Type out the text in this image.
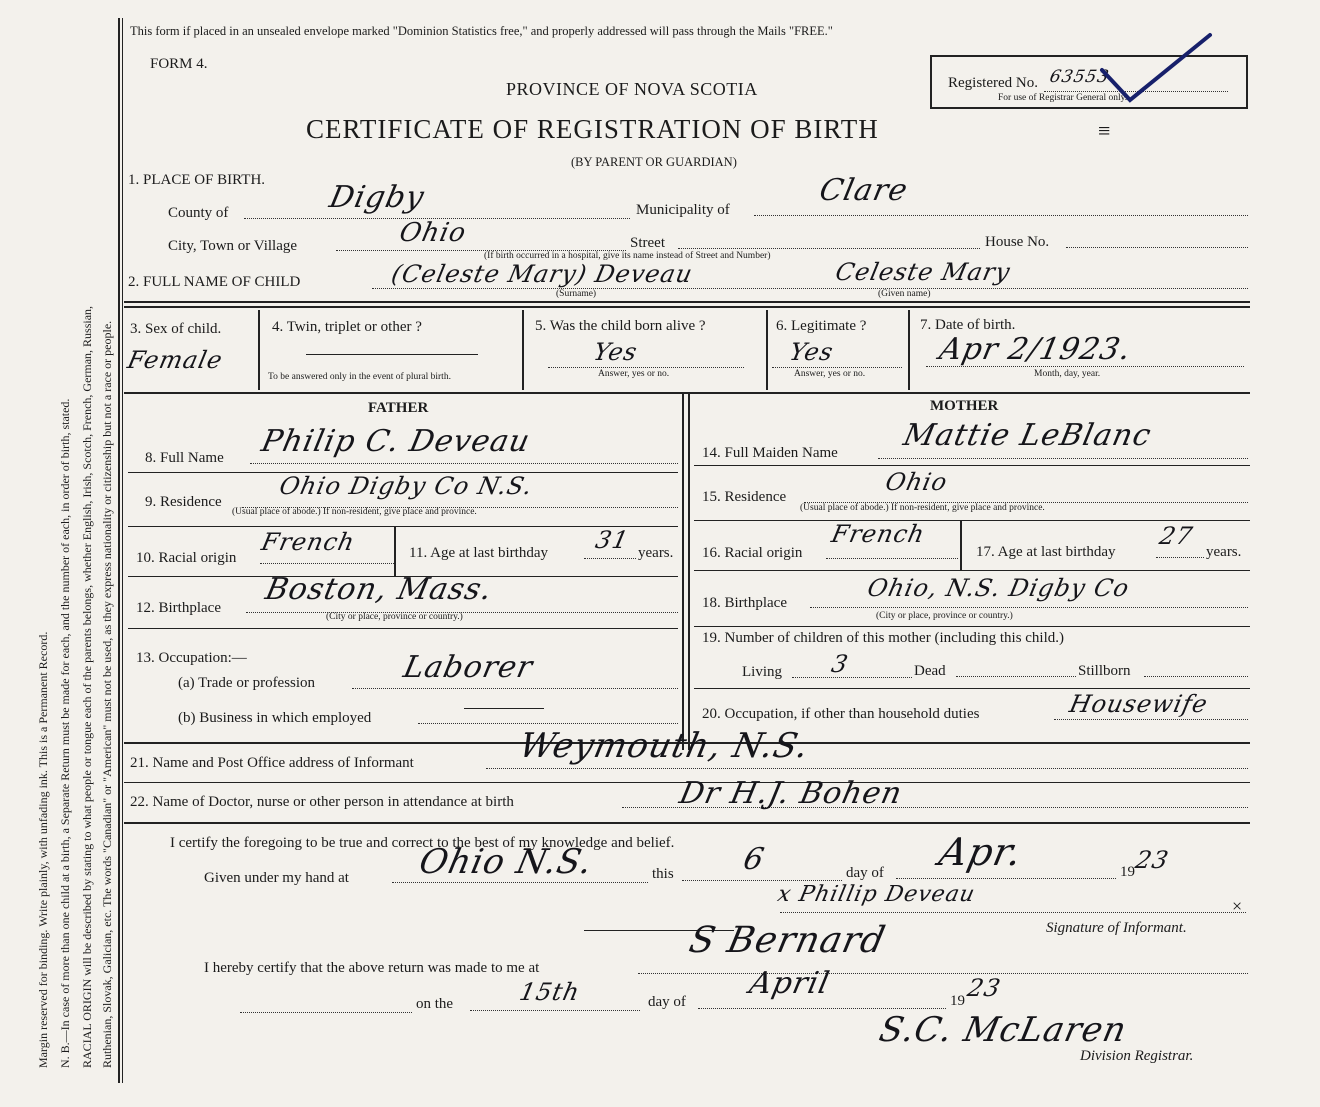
Margin reserved for binding. Write plainly, with unfading ink. This is a Permanent Record. N. B.—In case of more than one child at a birth, a Separate Return must be made for each, and the number of each, in order of birth, stated. RACIAL ORIGIN will be described by stating to what people or tongue each of the parents belongs, whether English, Irish, Scotch, French, German, Russian, Ruthenian, Slovak, Galician, etc. The words "Canadian" or "American" must not be used, as they express nationality or citizenship but not a race or people.
This form if placed in an unsealed envelope marked "Dominion Statistics free," and properly addressed will pass through the Mails "FREE."
FORM 4.
PROVINCE OF NOVA SCOTIA
CERTIFICATE OF REGISTRATION OF BIRTH
(BY PARENT OR GUARDIAN)
≡
Registered No. 63553
For use of Registrar General only.
1. PLACE OF BIRTH.
County of	Digby	Municipality of
Clare
City, Town or Village	Ohio	Street	House No.
(If birth occurred in a hospital, give its name instead of Street and Number)
2. FULL NAME OF CHILD	(Celeste Mary) Deveau
(Surname)
Celeste Mary
(Given name)
3. Sex of child.
Female
4. Twin, triplet or other ?
To be answered only in the event of plural birth.
5. Was the child born alive ?
Yes
Answer, yes or no.
6. Legitimate ?
Yes
Answer, yes or no.
7. Date of birth.
Apr 2/1923.
Month, day, year.
FATHER	MOTHER
8. Full Name Philip C. Deveau
9. Residence
Ohio Digby Co N.S.
(Usual place of abode.) If non-resident, give place and province.
10. Racial origin
French	11. Age at last birthday 31 years.
12. Birthplace
Boston, Mass.
(City or place, province or country.)
13. Occupation:—
(a) Trade or profession	Laborer
(b) Business in which employed
14. Full Maiden Name Mattie LeBlanc
15. Residence
Ohio
(Usual place of abode.) If non-resident, give place and province.
16. Racial origin
French
17. Age at last birthday
27
years.
18. Birthplace
Ohio, N.S. Digby Co
(City or place, province or country.)
19. Number of children of this mother (including this child.)
Living 3	Dead	Stillborn
20. Occupation, if other than household duties	Housewife
21. Name and Post Office address of Informant	Weymouth, N.S.
22. Name of Doctor, nurse or other person in attendance at birth	Dr H.J. Bohen
I certify the foregoing to be true and correct to the best of my knowledge and belief.
Given under my hand at Ohio N.S.	this 6	day of Apr.	19
23
x Phillip Deveau	×
Signature of Informant.
S Bernard
I hereby certify that the above return was made to me at
on the	15th	day of
April	19 23
S.C. McLaren
Division Registrar.
